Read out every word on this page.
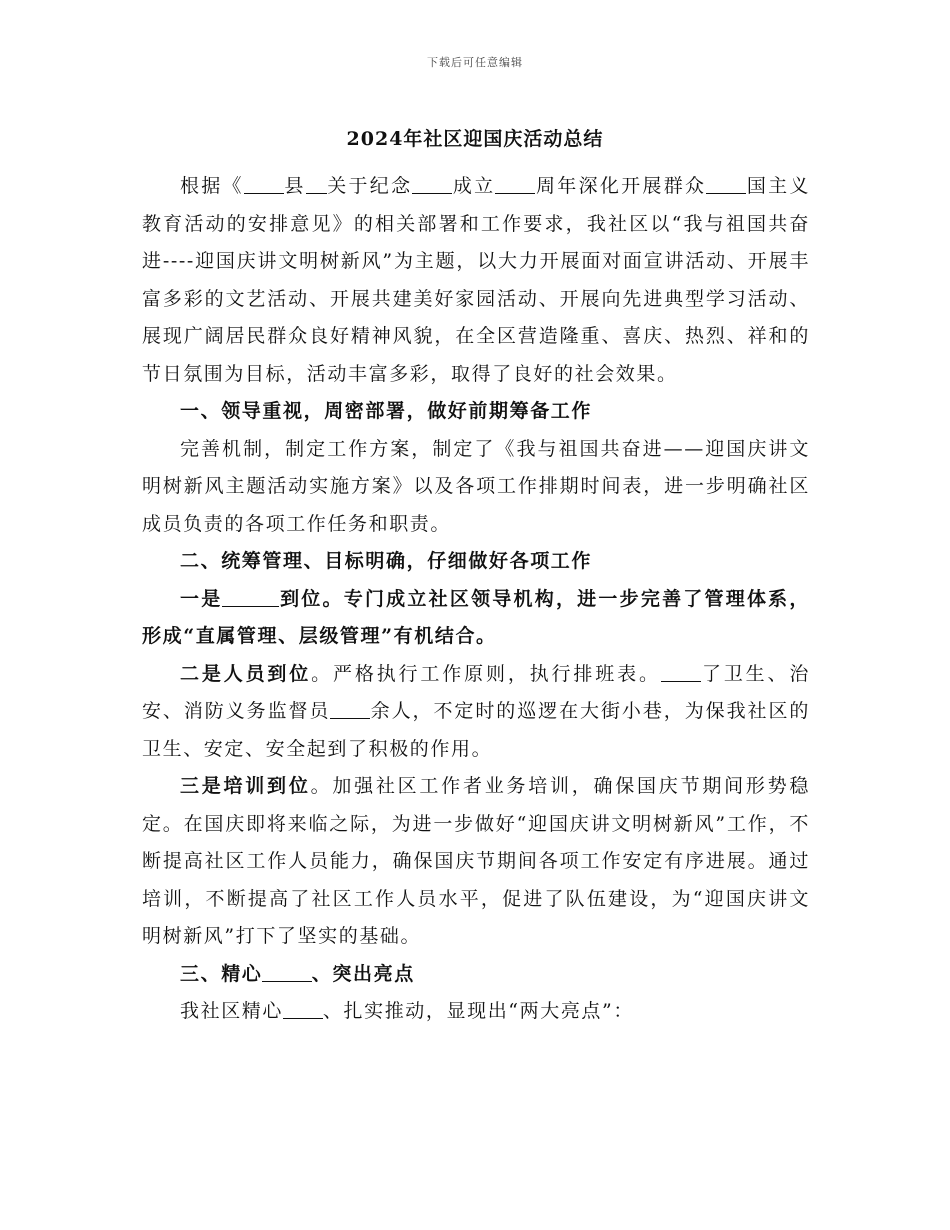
下载后可任意编辑
2024年社区迎国庆活动总结

根据《 县 关于纪念 成立 周年深化开展群众 国主义教育活动的安排意见》的相关部署和工作要求，我社区以“我与祖国共奋进----迎国庆讲文明树新风”为主题，以大力开展面对面宣讲活动、开展丰富多彩的文艺活动、开展共建美好家园活动、开展向先进典型学习活动、展现广阔居民群众良好精神风貌，在全区营造隆重、喜庆、热烈、祥和的节日氛围为目标，活动丰富多彩，取得了良好的社会效果。

一、领导重视，周密部署，做好前期筹备工作

完善机制，制定工作方案，制定了《我与祖国共奋进——迎国庆讲文明树新风主题活动实施方案》以及各项工作排期时间表，进一步明确社区成员负责的各项工作任务和职责。

二、统筹管理、目标明确，仔细做好各项工作

一是	到位。专门成立社区领导机构，进一步完善了管理体系，形成“直属管理、层级管理”有机结合。

二是人员到位。严格执行工作原则，执行排班表。 了卫生、治安、消防义务监督员 余人，不定时的巡逻在大街小巷，为保我社区的卫生、安定、安全起到了积极的作用。

三是培训到位。加强社区工作者业务培训，确保国庆节期间形势稳定。在国庆即将来临之际，为进一步做好“迎国庆讲文明树新风”工作，不断提高社区工作人员能力，确保国庆节期间各项工作安定有序进展。通过培训，不断提高了社区工作人员水平，促进了队伍建设，为“迎国庆讲文明树新风”打下了坚实的基础。

三、精心	、突出亮点

我社区精心 、扎实推动，显现出“两大亮点”：
